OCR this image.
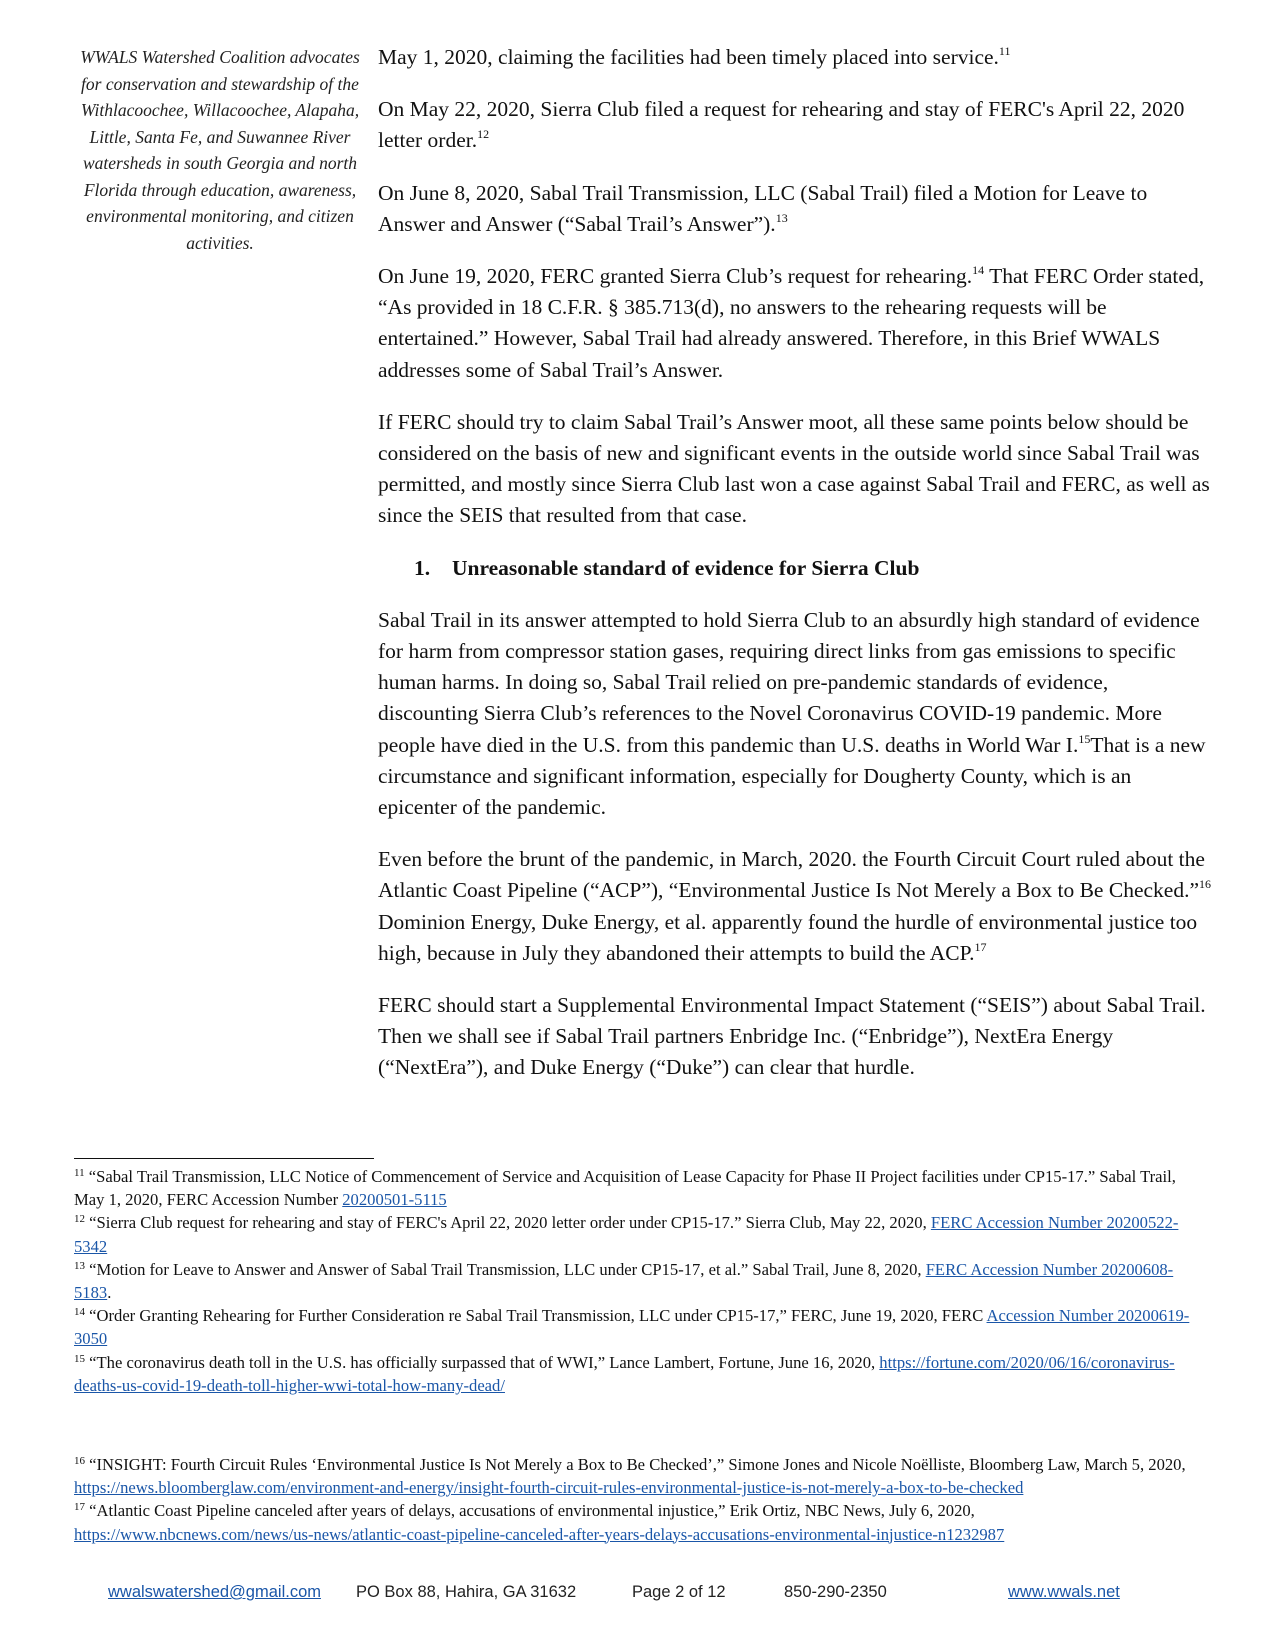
WWALS Watershed Coalition advocates for conservation and stewardship of the Withlacoochee, Willacoochee, Alapaha, Little, Santa Fe, and Suwannee River watersheds in south Georgia and north Florida through education, awareness, environmental monitoring, and citizen activities.

May 1, 2020, claiming the facilities had been timely placed into service.$^{11}$

On May 22, 2020, Sierra Club filed a request for rehearing and stay of FERC's April 22, 2020 letter order.$^{12}$

On June 8, 2020, Sabal Trail Transmission, LLC (Sabal Trail) filed a Motion for Leave to Answer and Answer (“Sabal Trail’s Answer”).$^{13}$

On June 19, 2020, FERC granted Sierra Club’s request for rehearing.$^{14}$ That FERC Order stated, “As provided in 18 C.F.R. § 385.713(d), no answers to the rehearing requests will be entertained.” However, Sabal Trail had already answered. Therefore, in this Brief WWALS addresses some of Sabal Trail’s Answer.

If FERC should try to claim Sabal Trail’s Answer moot, all these same points below should be considered on the basis of new and significant events in the outside world since Sabal Trail was permitted, and mostly since Sierra Club last won a case against Sabal Trail and FERC, as well as since the SEIS that resulted from that case.

1. Unreasonable standard of evidence for Sierra Club

Sabal Trail in its answer attempted to hold Sierra Club to an absurdly high standard of evidence for harm from compressor station gases, requiring direct links from gas emissions to specific human harms. In doing so, Sabal Trail relied on pre-pandemic standards of evidence, discounting Sierra Club’s references to the Novel Coronavirus COVID-19 pandemic. More people have died in the U.S. from this pandemic than U.S. deaths in World War I.$^{15}$That is a new circumstance and significant information, especially for Dougherty County, which is an epicenter of the pandemic.

Even before the brunt of the pandemic, in March, 2020. the Fourth Circuit Court ruled about the Atlantic Coast Pipeline (“ACP”), “Environmental Justice Is Not Merely a Box to Be Checked.”$^{16}$ Dominion Energy, Duke Energy, et al. apparently found the hurdle of environmental justice too high, because in July they abandoned their attempts to build the ACP.$^{17}$

FERC should start a Supplemental Environmental Impact Statement (“SEIS”) about Sabal Trail. Then we shall see if Sabal Trail partners Enbridge Inc. (“Enbridge”), NextEra Energy (“NextEra”), and Duke Energy (“Duke”) can clear that hurdle.

$^{11}$ “Sabal Trail Transmission, LLC Notice of Commencement of Service and Acquisition of Lease Capacity for Phase II Project facilities under CP15-17.” Sabal Trail, May 1, 2020, FERC Accession Number 20200501-5115

$^{12}$ “Sierra Club request for rehearing and stay of FERC's April 22, 2020 letter order under CP15-17.” Sierra Club, May 22, 2020, FERC Accession Number 20200522-5342

$^{13}$ “Motion for Leave to Answer and Answer of Sabal Trail Transmission, LLC under CP15-17, et al.” Sabal Trail, June 8, 2020, FERC Accession Number 20200608-5183.

$^{14}$ “Order Granting Rehearing for Further Consideration re Sabal Trail Transmission, LLC under CP15-17,” FERC, June 19, 2020, FERC Accession Number 20200619-3050

$^{15}$ “The coronavirus death toll in the U.S. has officially surpassed that of WWI,” Lance Lambert, Fortune, June 16, 2020, https://fortune.com/2020/06/16/coronavirus-deaths-us-covid-19-death-toll-higher-wwi-total-how-many-dead/

$^{16}$ “INSIGHT: Fourth Circuit Rules ‘Environmental Justice Is Not Merely a Box to Be Checked’,” Simone Jones and Nicole Noëlliste, Bloomberg Law, March 5, 2020, https://news.bloomberglaw.com/environment-and-energy/insight-fourth-circuit-rules-environmental-justice-is-not-merely-a-box-to-be-checked

$^{17}$ “Atlantic Coast Pipeline canceled after years of delays, accusations of environmental injustice,” Erik Ortiz, NBC News, July 6, 2020, https://www.nbcnews.com/news/us-news/atlantic-coast-pipeline-canceled-after-years-delays-accusations-environmental-injustice-n1232987

wwalswatershed@gmail.com PO Box 88, Hahira, GA 31632	Page 2 of 12	850-290-2350	www.wwals.net
